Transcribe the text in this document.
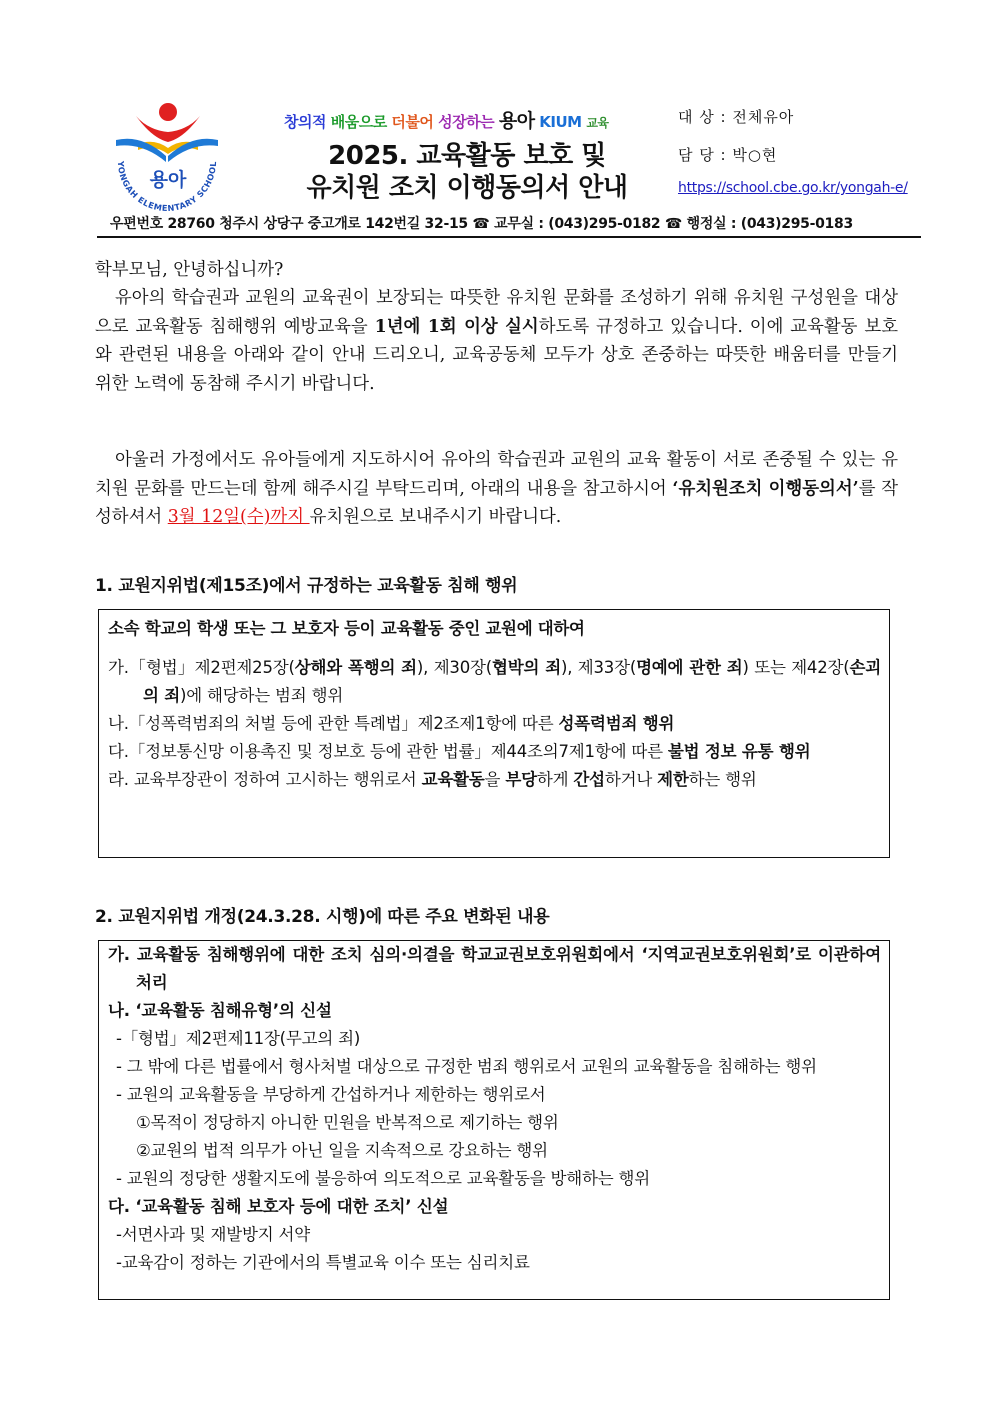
용아
YONGAH ELEMENTARY SCHOOL
창의적 배움으로 더불어 성장하는 용아 KIUM 교육
2025. 교육활동 보호 및
유치원 조치 이행동의서 안내
대 상 : 전체유아
담 당 : 박○현
https://school.cbe.go.kr/yongah-e/
우편번호 28760 청주시 상당구 중고개로 142번길 32-15 ☎ 교무실 : (043)295-0182 ☎ 행정실 : (043)295-0183
학부모님, 안녕하십니까?
유아의 학습권과 교원의 교육권이 보장되는 따뜻한 유치원 문화를 조성하기 위해 유치원 구성원을 대상으로 교육활동 침해행위 예방교육을 1년에 1회 이상 실시하도록 규정하고 있습니다. 이에 교육활동 보호와 관련된 내용을 아래와 같이 안내 드리오니, 교육공동체 모두가 상호 존중하는 따뜻한 배움터를 만들기 위한 노력에 동참해 주시기 바랍니다.
아울러 가정에서도 유아들에게 지도하시어 유아의 학습권과 교원의 교육 활동이 서로 존중될 수 있는 유치원 문화를 만드는데 함께 해주시길 부탁드리며, 아래의 내용을 참고하시어 ‘유치원조치 이행동의서’를 작성하셔서 3월 12일(수)까지 유치원으로 보내주시기 바랍니다.
1. 교원지위법(제15조)에서 규정하는 교육활동 침해 행위
소속 학교의 학생 또는 그 보호자 등이 교육활동 중인 교원에 대하여
가.「형법」제2편제25장(상해와 폭행의 죄), 제30장(협박의 죄), 제33장(명예에 관한 죄) 또는 제42장(손괴의 죄)에 해당하는 범죄 행위
나.「성폭력범죄의 처벌 등에 관한 특례법」제2조제1항에 따른 성폭력범죄 행위
다.「정보통신망 이용촉진 및 정보호 등에 관한 법률」제44조의7제1항에 따른 불법 정보 유통 행위
라. 교육부장관이 정하여 고시하는 행위로서 교육활동을 부당하게 간섭하거나 제한하는 행위
2. 교원지위법 개정(24.3.28. 시행)에 따른 주요 변화된 내용
가. 교육활동 침해행위에 대한 조치 심의·의결을 학교교권보호위원회에서 ‘지역교권보호위원회’로 이관하여 처리
나. ‘교육활동 침해유형’의 신설
-「형법」제2편제11장(무고의 죄)
- 그 밖에 다른 법률에서 형사처벌 대상으로 규정한 범죄 행위로서 교원의 교육활동을 침해하는 행위
- 교원의 교육활동을 부당하게 간섭하거나 제한하는 행위로서
①목적이 정당하지 아니한 민원을 반복적으로 제기하는 행위
②교원의 법적 의무가 아닌 일을 지속적으로 강요하는 행위
- 교원의 정당한 생활지도에 불응하여 의도적으로 교육활동을 방해하는 행위
다. ‘교육활동 침해 보호자 등에 대한 조치’ 신설
-서면사과 및 재발방지 서약
-교육감이 정하는 기관에서의 특별교육 이수 또는 심리치료
